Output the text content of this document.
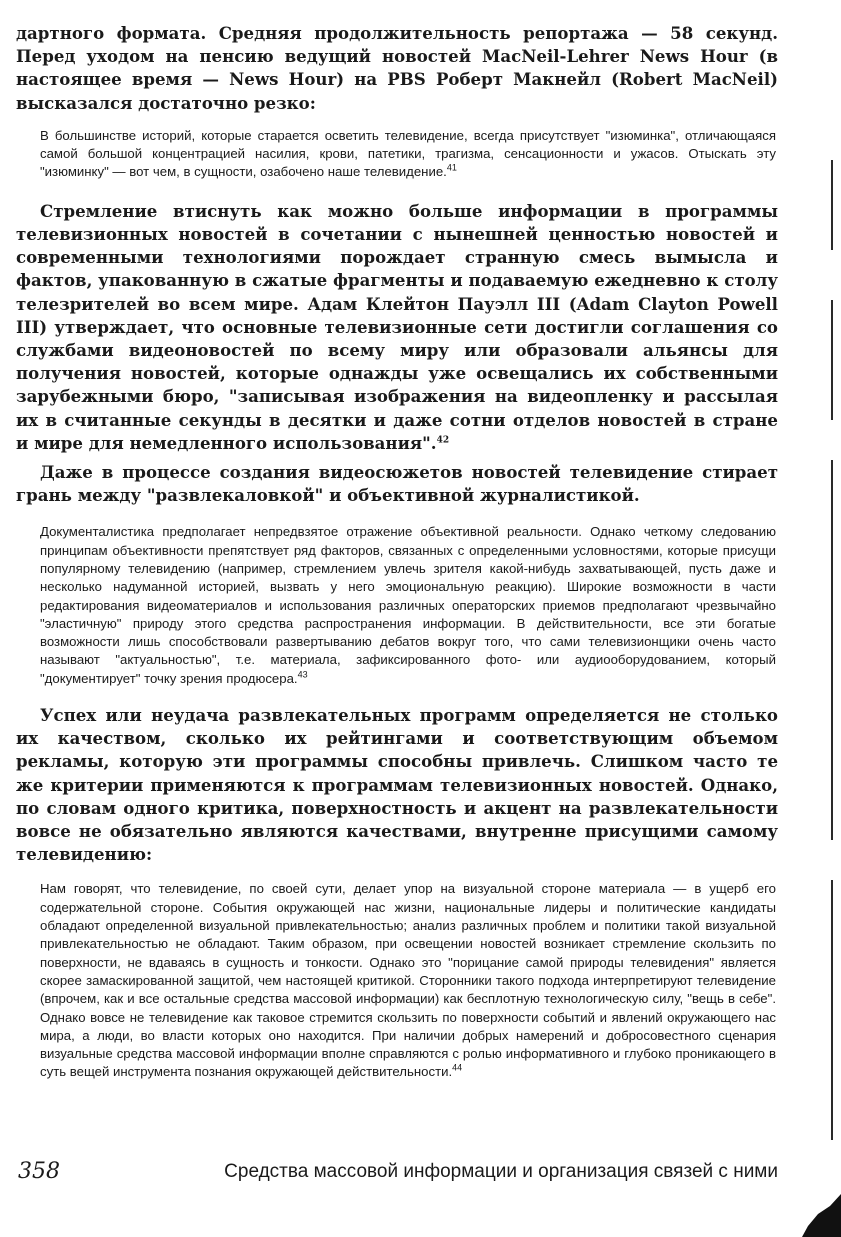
дартного формата. Средняя продолжительность репортажа — 58 секунд. Перед уходом на пенсию ведущий новостей MacNeil-Lehrer News Hour (в настоящее время — News Hour) на PBS Роберт Макнейл (Robert MacNeil) высказался достаточно резко:

В большинстве историй, которые старается осветить телевидение, всегда присутствует "изюминка", отличающаяся самой большой концентрацией насилия, крови, патетики, трагизма, сенсационности и ужасов. Отыскать эту "изюминку" — вот чем, в сущности, озабочено наше телевидение.$^{41}$

Стремление втиснуть как можно больше информации в программы телевизионных новостей в сочетании с нынешней ценностью новостей и современными технологиями порождает странную смесь вымысла и фактов, упакованную в сжатые фрагменты и подаваемую ежедневно к столу телезрителей во всем мире. Адам Клейтон Пауэлл III (Adam Clayton Powell III) утверждает, что основные телевизионные сети достигли соглашения со службами видеоновостей по всему миру или образовали альянсы для получения новостей, которые однажды уже освещались их собственными зарубежными бюро, "записывая изображения на видеопленку и рассылая их в считанные секунды в десятки и даже сотни отделов новостей в стране и мире для немедленного использования".$^{42}$

Даже в процессе создания видеосюжетов новостей телевидение стирает грань между "развлекаловкой" и объективной журналистикой.

Документалистика предполагает непредвзятое отражение объективной реальности. Однако четкому следованию принципам объективности препятствует ряд факторов, связанных с определенными условностями, которые присущи популярному телевидению (например, стремлением увлечь зрителя какой-нибудь захватывающей, пусть даже и несколько надуманной историей, вызвать у него эмоциональную реакцию). Широкие возможности в части редактирования видеоматериалов и использования различных операторских приемов предполагают чрезвычайно "эластичную" природу этого средства распространения информации. В действительности, все эти богатые возможности лишь способствовали развертыванию дебатов вокруг того, что сами телевизионщики очень часто называют "актуальностью", т.е. материала, зафиксированного фото- или аудиооборудованием, который "документирует" точку зрения продюсера.$^{43}$

Успех или неудача развлекательных программ определяется не столько их качеством, сколько их рейтингами и соответствующим объемом рекламы, которую эти программы способны привлечь. Слишком часто те же критерии применяются к программам телевизионных новостей. Однако, по словам одного критика, поверхностность и акцент на развлекательности вовсе не обязательно являются качествами, внутренне присущими самому телевидению:

Нам говорят, что телевидение, по своей сути, делает упор на визуальной стороне материала — в ущерб его содержательной стороне. События окружающей нас жизни, национальные лидеры и политические кандидаты обладают определенной визуальной привлекательностью; анализ различных проблем и политики такой визуальной привлекательностью не обладают. Таким образом, при освещении новостей возникает стремление скользить по поверхности, не вдаваясь в сущность и тонкости. Однако это "порицание самой природы телевидения" является скорее замаскированной защитой, чем настоящей критикой. Сторонники такого подхода интерпретируют телевидение (впрочем, как и все остальные средства массовой информации) как бесплотную технологическую силу, "вещь в себе". Однако вовсе не телевидение как таковое стремится скользить по поверхности событий и явлений окружающего нас мира, а люди, во власти которых оно находится. При наличии добрых намерений и добросовестного сценария визуальные средства массовой информации вполне справляются с ролью информативного и глубоко проникающего в суть вещей инструмента познания окружающей действительности.$^{44}$

358	Средства массовой информации и организация связей с ними
